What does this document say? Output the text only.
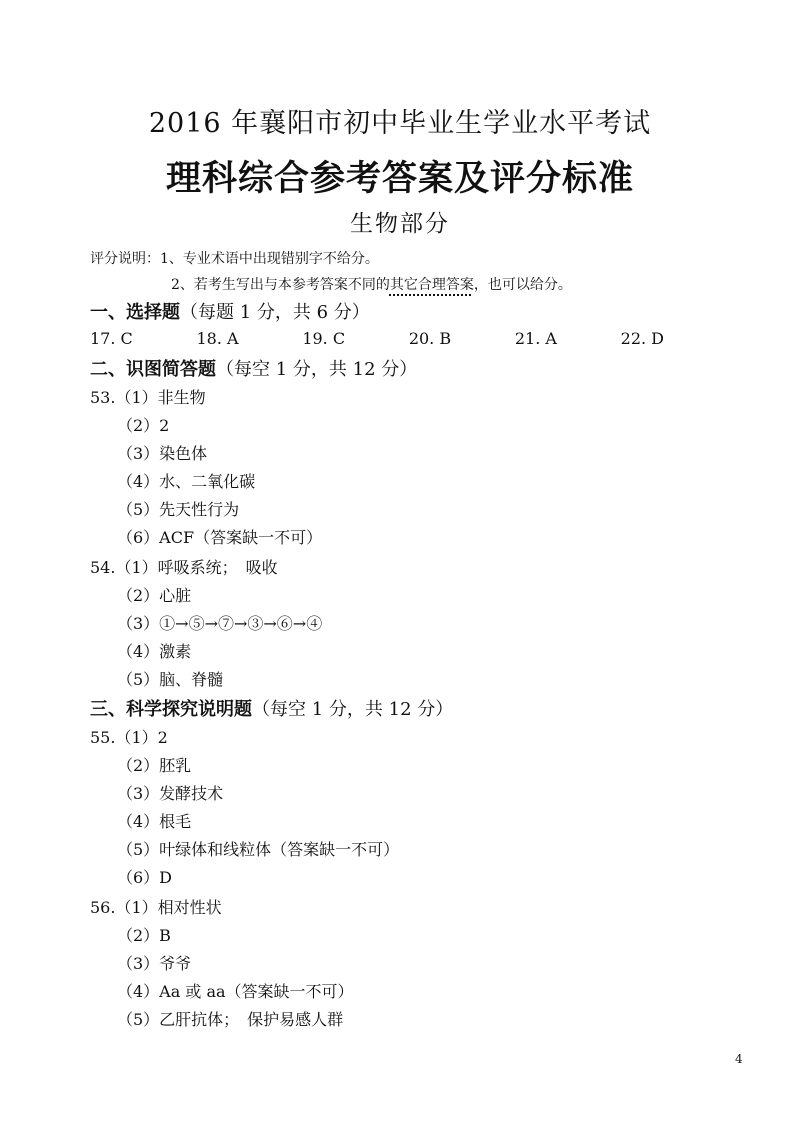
2016 年襄阳市初中毕业生学业水平考试
理科综合参考答案及评分标准
生物部分
评分说明：1、专业术语中出现错别字不给分。
2、若考生写出与本参考答案不同的其它合理答案，也可以给分。
一、选择题（每题 1 分，共 6 分）
17. C	18. A	19. C	20. B	21. A	22. D
二、识图简答题（每空 1 分，共 12 分）
53.（1）非生物
（2）2
（3）染色体
（4）水、二氧化碳
（5）先天性行为
（6）ACF（答案缺一不可）
54.（1）呼吸系统；　吸收
（2）心脏
（3）①→⑤→⑦→③→⑥→④
（4）激素
（5）脑、脊髓
三、科学探究说明题（每空 1 分，共 12 分）
55.（1）2
（2）胚乳
（3）发酵技术
（4）根毛
（5）叶绿体和线粒体（答案缺一不可）
（6）D
56.（1）相对性状
（2）B
（3）爷爷
（4）Aa 或 aa（答案缺一不可）
（5）乙肝抗体；　保护易感人群
4
